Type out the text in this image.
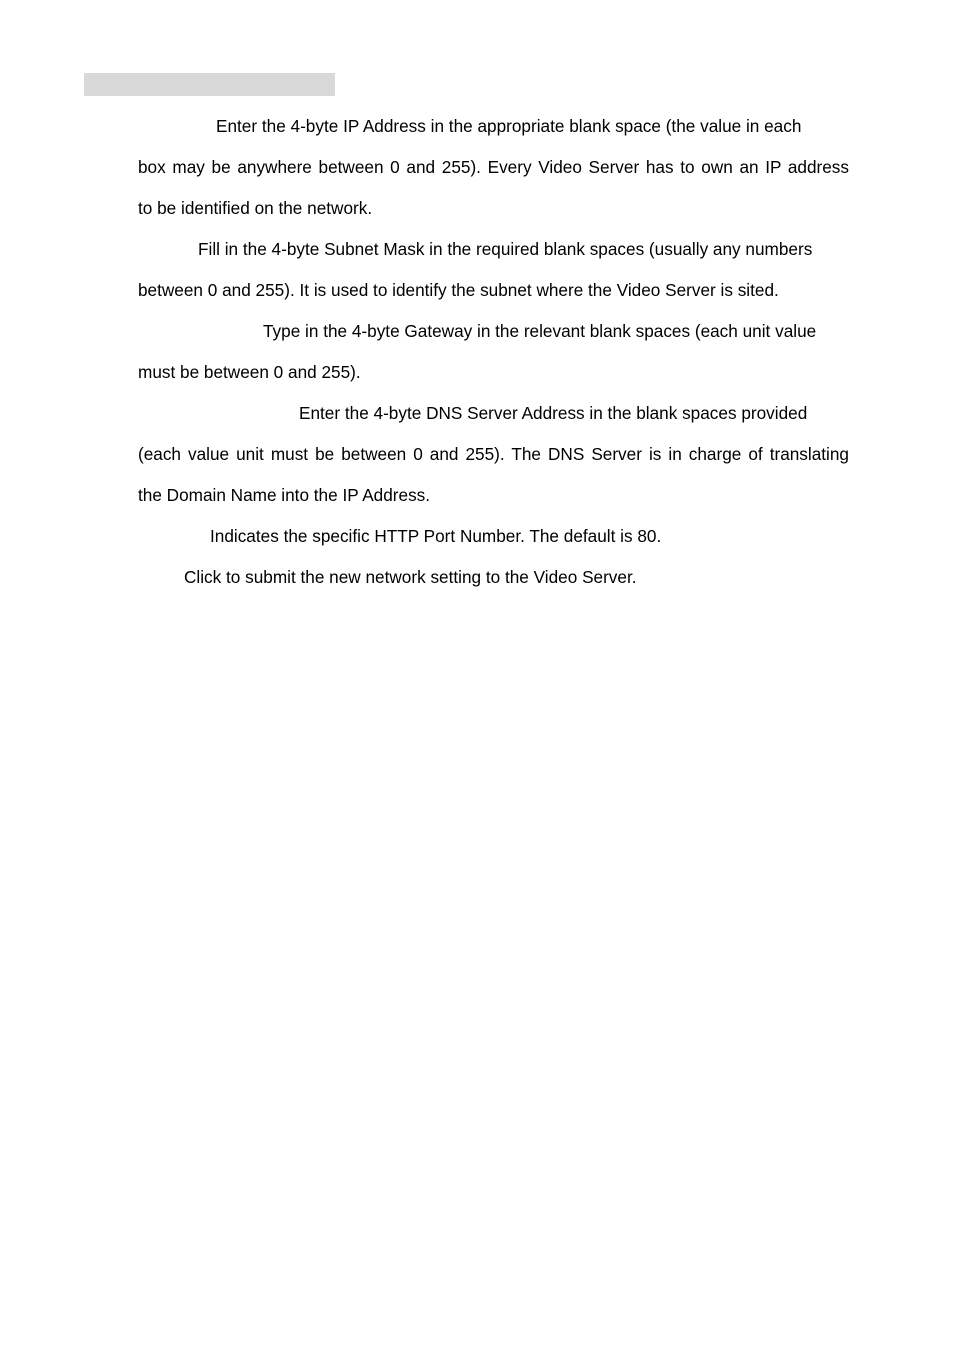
Enter the 4-byte IP Address in the appropriate blank space (the value in each
box may be anywhere between 0 and 255). Every Video Server has to own an IP address
to be identified on the network.
Fill in the 4-byte Subnet Mask in the required blank spaces (usually any numbers
between 0 and 255). It is used to identify the subnet where the Video Server is sited.
Type in the 4-byte Gateway in the relevant blank spaces (each unit value
must be between 0 and 255).
Enter the 4-byte DNS Server Address in the blank spaces provided
(each value unit must be between 0 and 255). The DNS Server is in charge of translating
the Domain Name into the IP Address.
Indicates the specific HTTP Port Number. The default is 80.
Click to submit the new network setting to the Video Server.
